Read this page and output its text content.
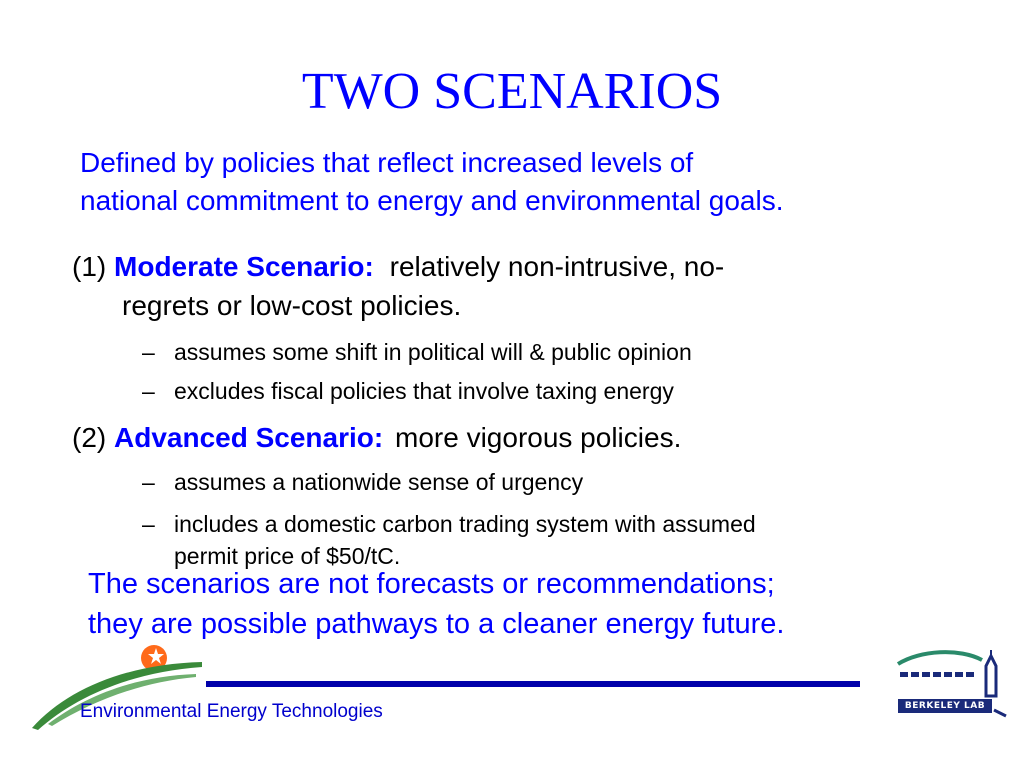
TWO SCENARIOS
Defined by policies that reflect increased levels of
national commitment to energy and environmental goals.
(1) Moderate Scenario: relatively non-intrusive, no-
regrets or low-cost policies.
– assumes some shift in political will & public opinion
– excludes fiscal policies that involve taxing energy
(2) Advanced Scenario: more vigorous policies.
– assumes a nationwide sense of urgency
– includes a domestic carbon trading system with assumed
permit price of $50/tC.
The scenarios are not forecasts or recommendations;
they are possible pathways to a cleaner energy future.
Environmental Energy Technologies	BERKELEY LAB
